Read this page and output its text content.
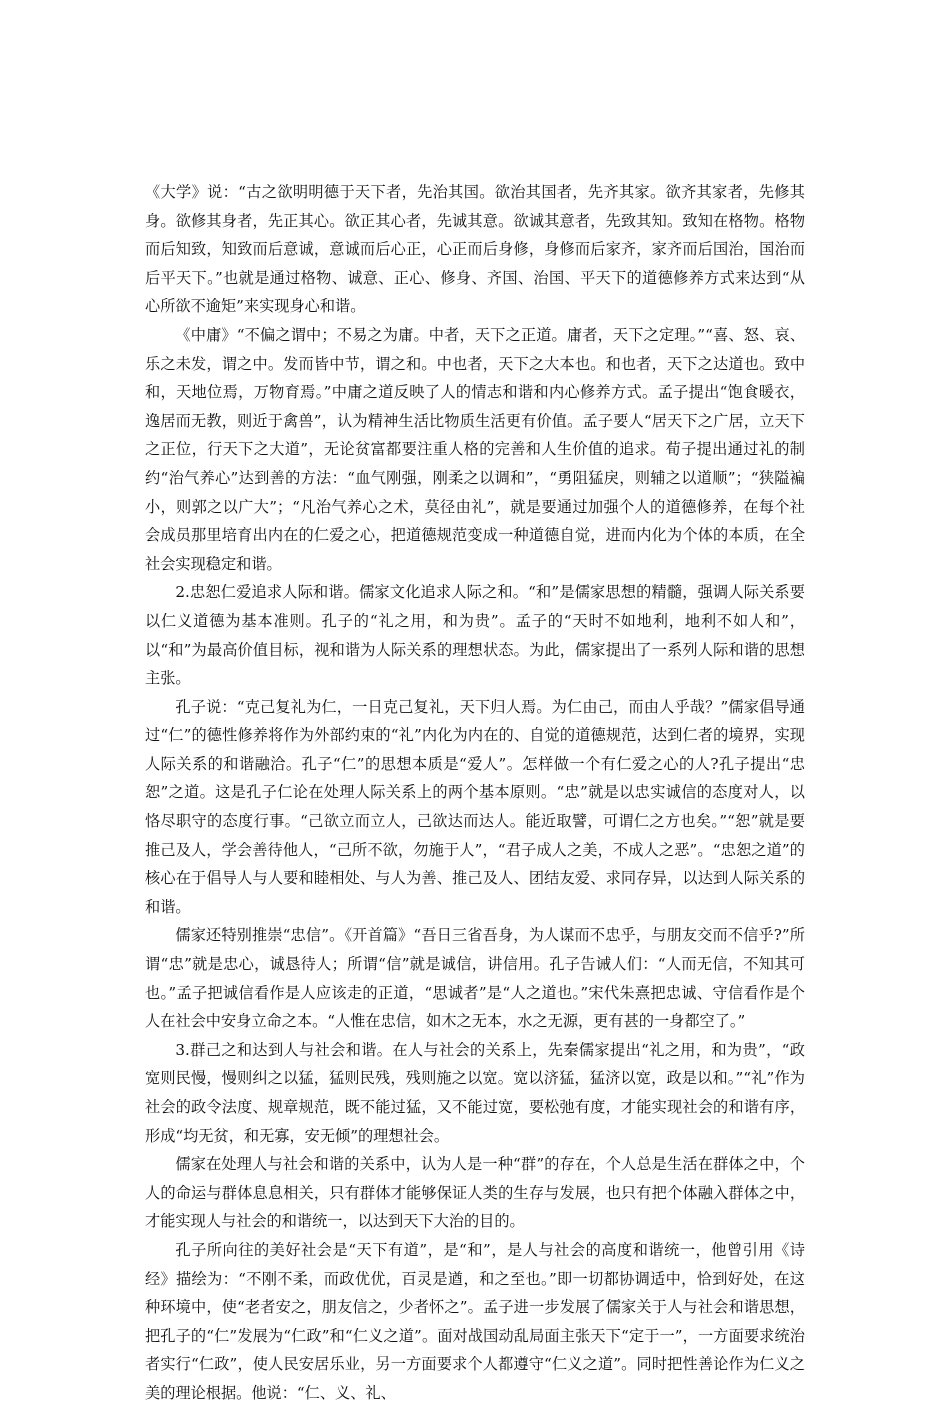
《大学》说：“古之欲明明德于天下者，先治其国。欲治其国者，先齐其家。欲齐其家者，先修其身。欲修其身者，先正其心。欲正其心者，先诚其意。欲诚其意者，先致其知。致知在格物。格物而后知致，知致而后意诚，意诚而后心正，心正而后身修，身修而后家齐，家齐而后国治，国治而后平天下。”也就是通过格物、诚意、正心、修身、齐国、治国、平天下的道德修养方式来达到“从心所欲不逾矩”来实现身心和谐。

《中庸》“不偏之谓中；不易之为庸。中者，天下之正道。庸者，天下之定理。”“喜、怒、哀、乐之未发，谓之中。发而皆中节，谓之和。中也者，天下之大本也。和也者，天下之达道也。致中和，天地位焉，万物育焉。”中庸之道反映了人的情志和谐和内心修养方式。孟子提出“饱食暖衣，逸居而无教，则近于禽兽”，认为精神生活比物质生活更有价值。孟子要人“居天下之广居，立天下之正位，行天下之大道”，无论贫富都要注重人格的完善和人生价值的追求。荀子提出通过礼的制约“治气养心”达到善的方法：“血气刚强，刚柔之以调和”，“勇阻猛戾，则辅之以道顺”；“狭隘褊小，则郭之以广大”；“凡治气养心之术，莫径由礼”，就是要通过加强个人的道德修养，在每个社会成员那里培育出内在的仁爱之心，把道德规范变成一种道德自觉，进而内化为个体的本质，在全社会实现稳定和谐。

2.忠恕仁爱追求人际和谐。儒家文化追求人际之和。“和”是儒家思想的精髓，强调人际关系要以仁义道德为基本准则。孔子的“礼之用，和为贵”。孟子的“天时不如地利，地利不如人和”，以“和”为最高价值目标，视和谐为人际关系的理想状态。为此，儒家提出了一系列人际和谐的思想主张。

孔子说：“克己复礼为仁，一日克己复礼，天下归人焉。为仁由己，而由人乎哉？”儒家倡导通过“仁”的德性修养将作为外部约束的“礼”内化为内在的、自觉的道德规范，达到仁者的境界，实现人际关系的和谐融洽。孔子“仁”的思想本质是“爱人”。怎样做一个有仁爱之心的人?孔子提出“忠恕”之道。这是孔子仁论在处理人际关系上的两个基本原则。“忠”就是以忠实诚信的态度对人，以恪尽职守的态度行事。“己欲立而立人，己欲达而达人。能近取譬，可谓仁之方也矣。”“恕”就是要推己及人，学会善待他人，“己所不欲，勿施于人”，“君子成人之美，不成人之恶”。“忠恕之道”的核心在于倡导人与人要和睦相处、与人为善、推己及人、团结友爱、求同存异，以达到人际关系的和谐。

儒家还特别推崇“忠信”。《开首篇》“吾日三省吾身，为人谋而不忠乎，与朋友交而不信乎?”所谓“忠”就是忠心，诚恳待人；所谓“信”就是诚信，讲信用。孔子告诫人们：“人而无信，不知其可也。”孟子把诚信看作是人应该走的正道，“思诚者”是“人之道也。”宋代朱熹把忠诚、守信看作是个人在社会中安身立命之本。“人惟在忠信，如木之无本，水之无源，更有甚的一身都空了。”

3.群己之和达到人与社会和谐。在人与社会的关系上，先秦儒家提出“礼之用，和为贵”，“政宽则民慢，慢则纠之以猛，猛则民残，残则施之以宽。宽以济猛，猛济以宽，政是以和。”“礼”作为社会的政令法度、规章规范，既不能过猛，又不能过宽，要松弛有度，才能实现社会的和谐有序，形成“均无贫，和无寡，安无倾”的理想社会。

儒家在处理人与社会和谐的关系中，认为人是一种“群”的存在，个人总是生活在群体之中，个人的命运与群体息息相关，只有群体才能够保证人类的生存与发展，也只有把个体融入群体之中，才能实现人与社会的和谐统一，以达到天下大治的目的。

孔子所向往的美好社会是“天下有道”，是“和”，是人与社会的高度和谐统一，他曾引用《诗经》描绘为：“不刚不柔，而政优优，百灵是遒，和之至也。”即一切都协调适中，恰到好处，在这种环境中，使“老者安之，朋友信之，少者怀之”。孟子进一步发展了儒家关于人与社会和谐思想，把孔子的“仁”发展为“仁政”和“仁义之道”。面对战国动乱局面主张天下“定于一”，一方面要求统治者实行“仁政”，使人民安居乐业，另一方面要求个人都遵守“仁义之道”。同时把性善论作为仁义之美的理论根据。他说：“仁、义、礼、
